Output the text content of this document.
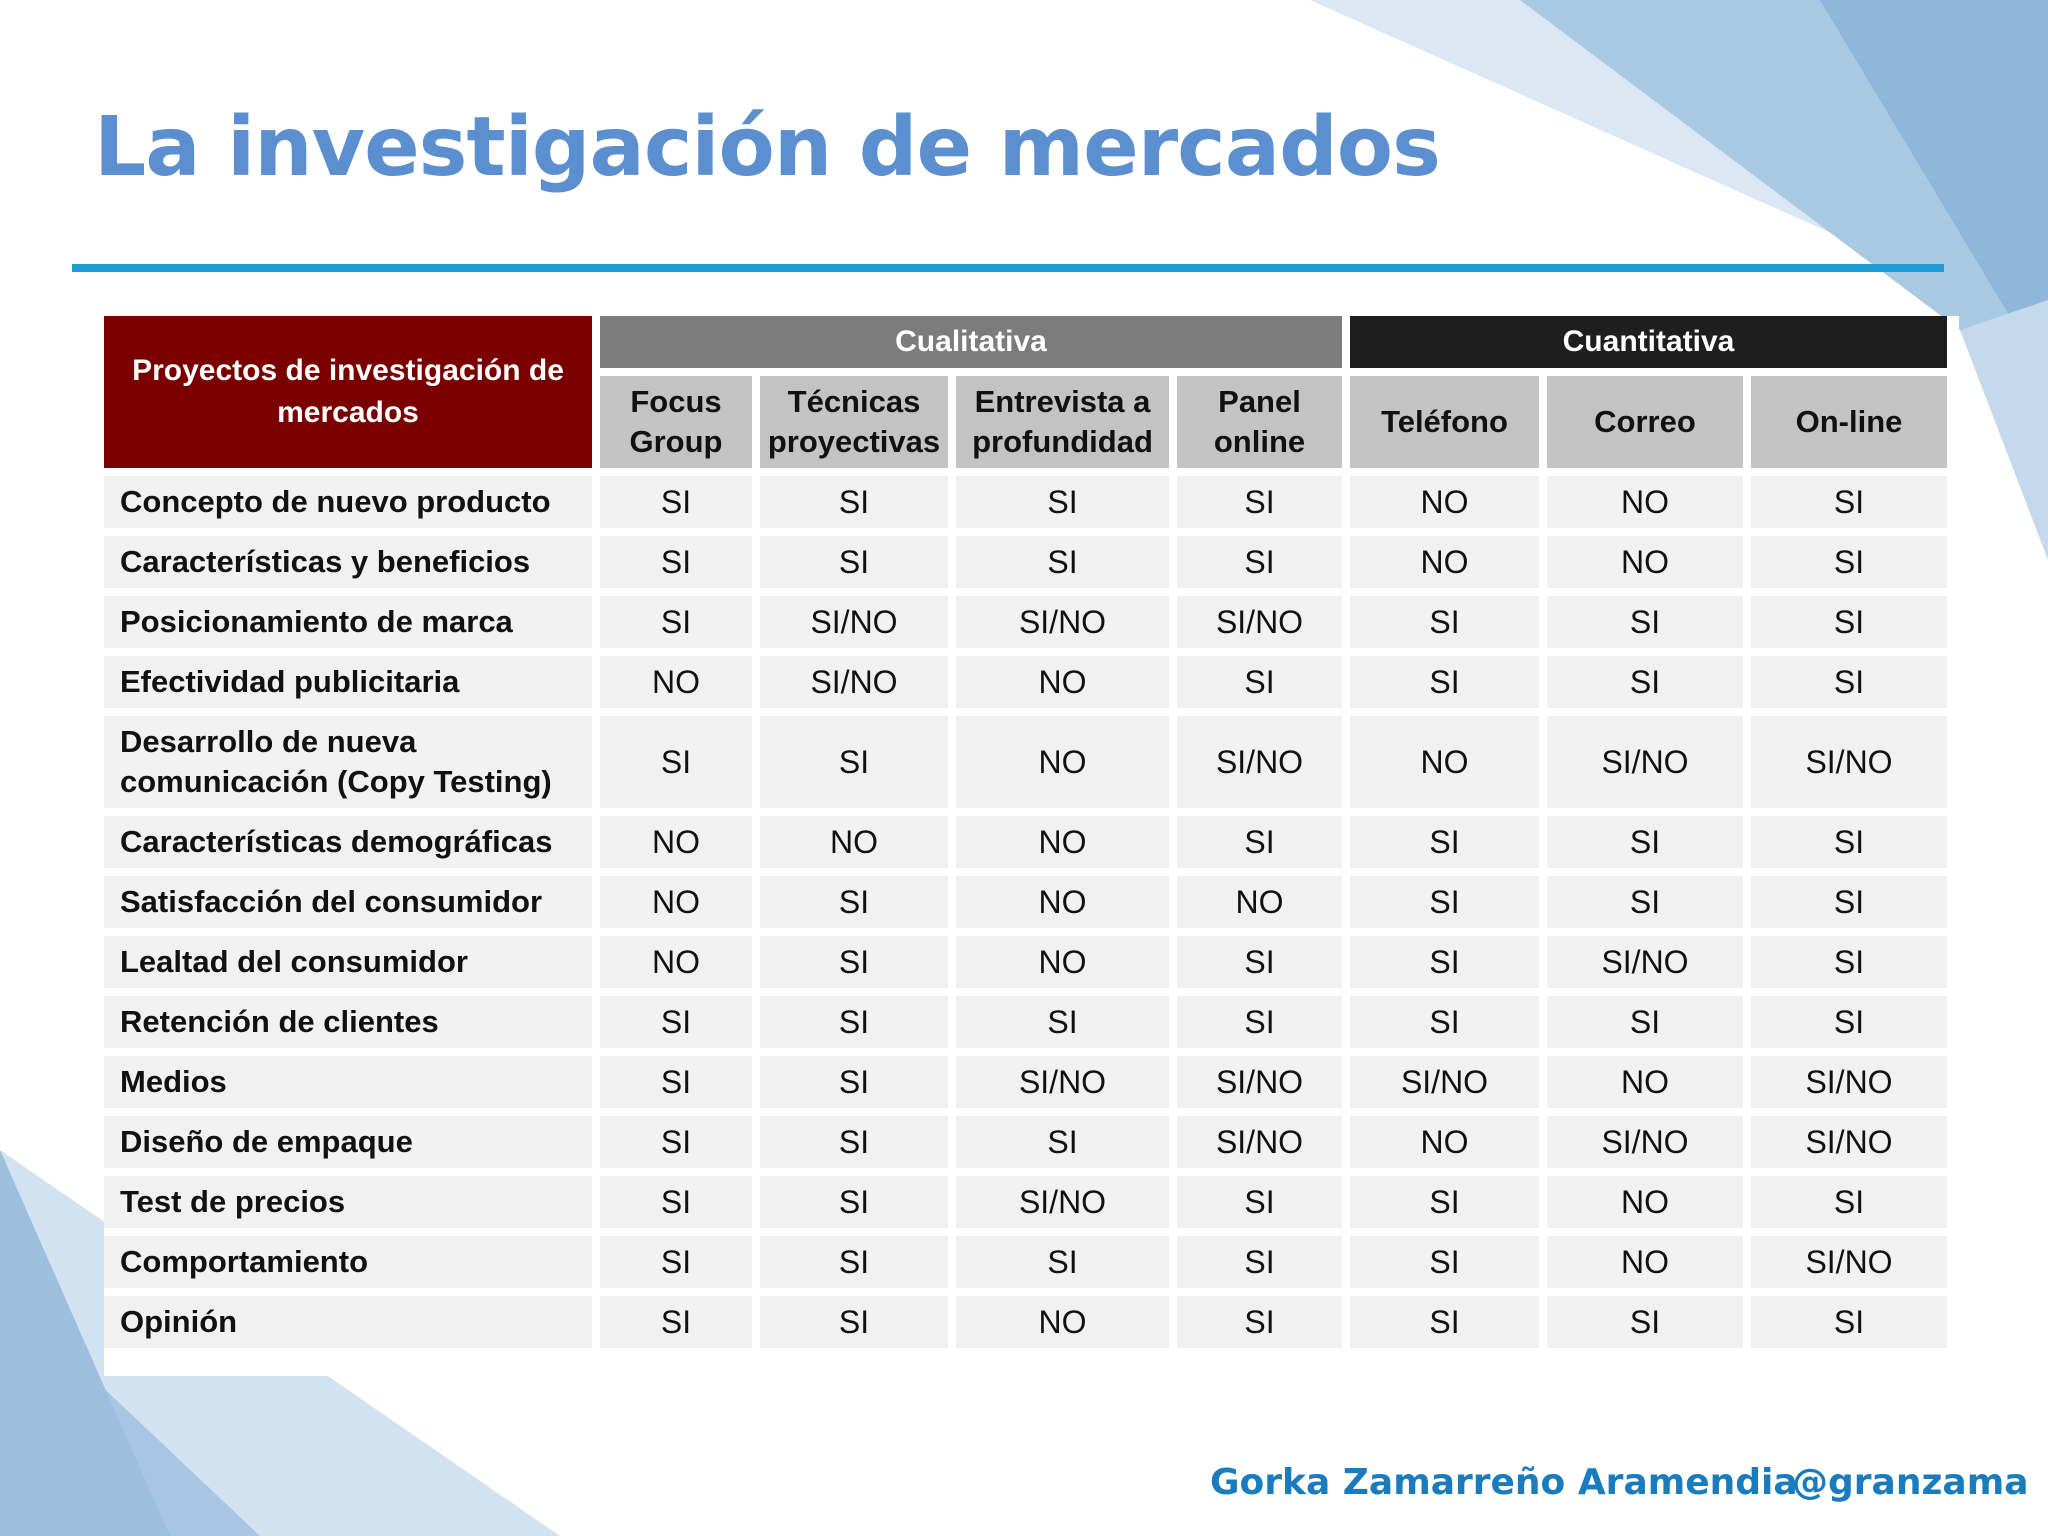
La investigación de mercados
Proyectos de investigación de mercados	Cualitativa				Cuantitativa		
	Focus Group	Técnicas proyectivas	Entrevista a profundidad	Panel online	Teléfono	Correo	On-line
Concepto de nuevo producto	SI	SI	SI	SI	NO	NO	SI
Características y beneficios	SI	SI	SI	SI	NO	NO	SI
Posicionamiento de marca	SI	SI/NO	SI/NO	SI/NO	SI	SI	SI
Efectividad publicitaria	NO	SI/NO	NO	SI	SI	SI	SI
Desarrollo de nueva comunicación (Copy Testing)	SI	SI	NO	SI/NO	NO	SI/NO	SI/NO
Características demográficas	NO	NO	NO	SI	SI	SI	SI
Satisfacción del consumidor	NO	SI	NO	NO	SI	SI	SI
Lealtad del consumidor	NO	SI	NO	SI	SI	SI/NO	SI
Retención de clientes	SI	SI	SI	SI	SI	SI	SI
Medios	SI	SI	SI/NO	SI/NO	SI/NO	NO	SI/NO
Diseño de empaque	SI	SI	SI	SI/NO	NO	SI/NO	SI/NO
Test de precios	SI	SI	SI/NO	SI	SI	NO	SI
Comportamiento	SI	SI	SI	SI	SI	NO	SI/NO
Opinión	SI	SI	NO	SI	SI	SI	SI
Gorka Zamarreño Aramendia
@granzama
